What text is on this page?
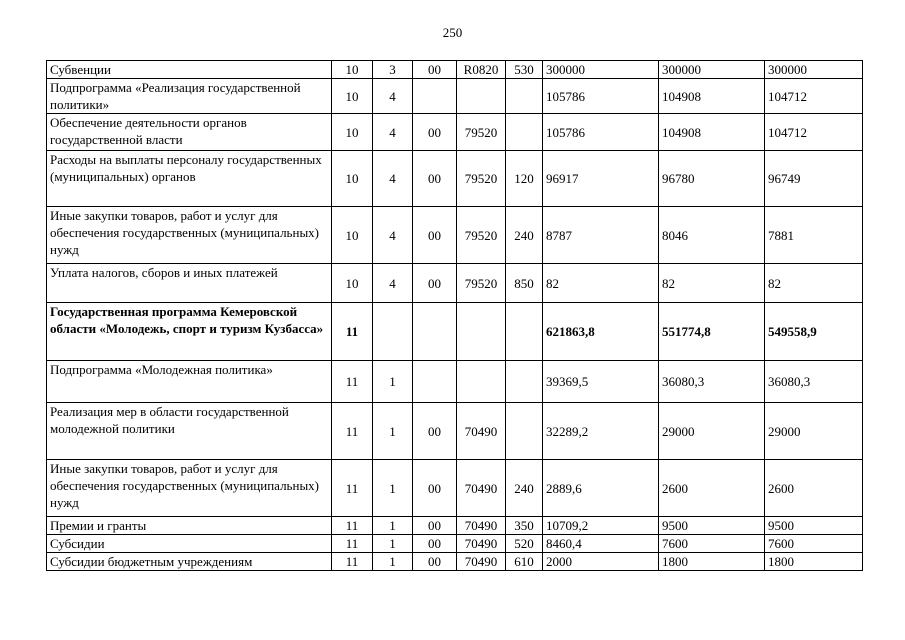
250
Субвенции	10	3	00	R0820	530	300000	300000	300000
Подпрограмма «Реализация государственной политики»	10	4				105786	104908	104712
Обеспечение деятельности органов государственной власти	10	4	00	79520		105786	104908	104712
Расходы на выплаты персоналу государственных (муниципальных) органов	10	4	00	79520	120	96917	96780	96749
Иные закупки товаров, работ и услуг для обеспечения государственных (муниципальных) нужд	10	4	00	79520	240	8787	8046	7881
Уплата налогов, сборов и иных платежей	10	4	00	79520	850	82	82	82
Государственная программа Кемеровской области «Молодежь, спорт и туризм Кузбасса»	11					621863,8	551774,8	549558,9
Подпрограмма «Молодежная политика»	11	1				39369,5	36080,3	36080,3
Реализация мер в области государственной молодежной политики	11	1	00	70490		32289,2	29000	29000
Иные закупки товаров, работ и услуг для обеспечения государственных (муниципальных) нужд	11	1	00	70490	240	2889,6	2600	2600
Премии и гранты	11	1	00	70490	350	10709,2	9500	9500
Субсидии	11	1	00	70490	520	8460,4	7600	7600
Субсидии бюджетным учреждениям	11	1	00	70490	610	2000	1800	1800
